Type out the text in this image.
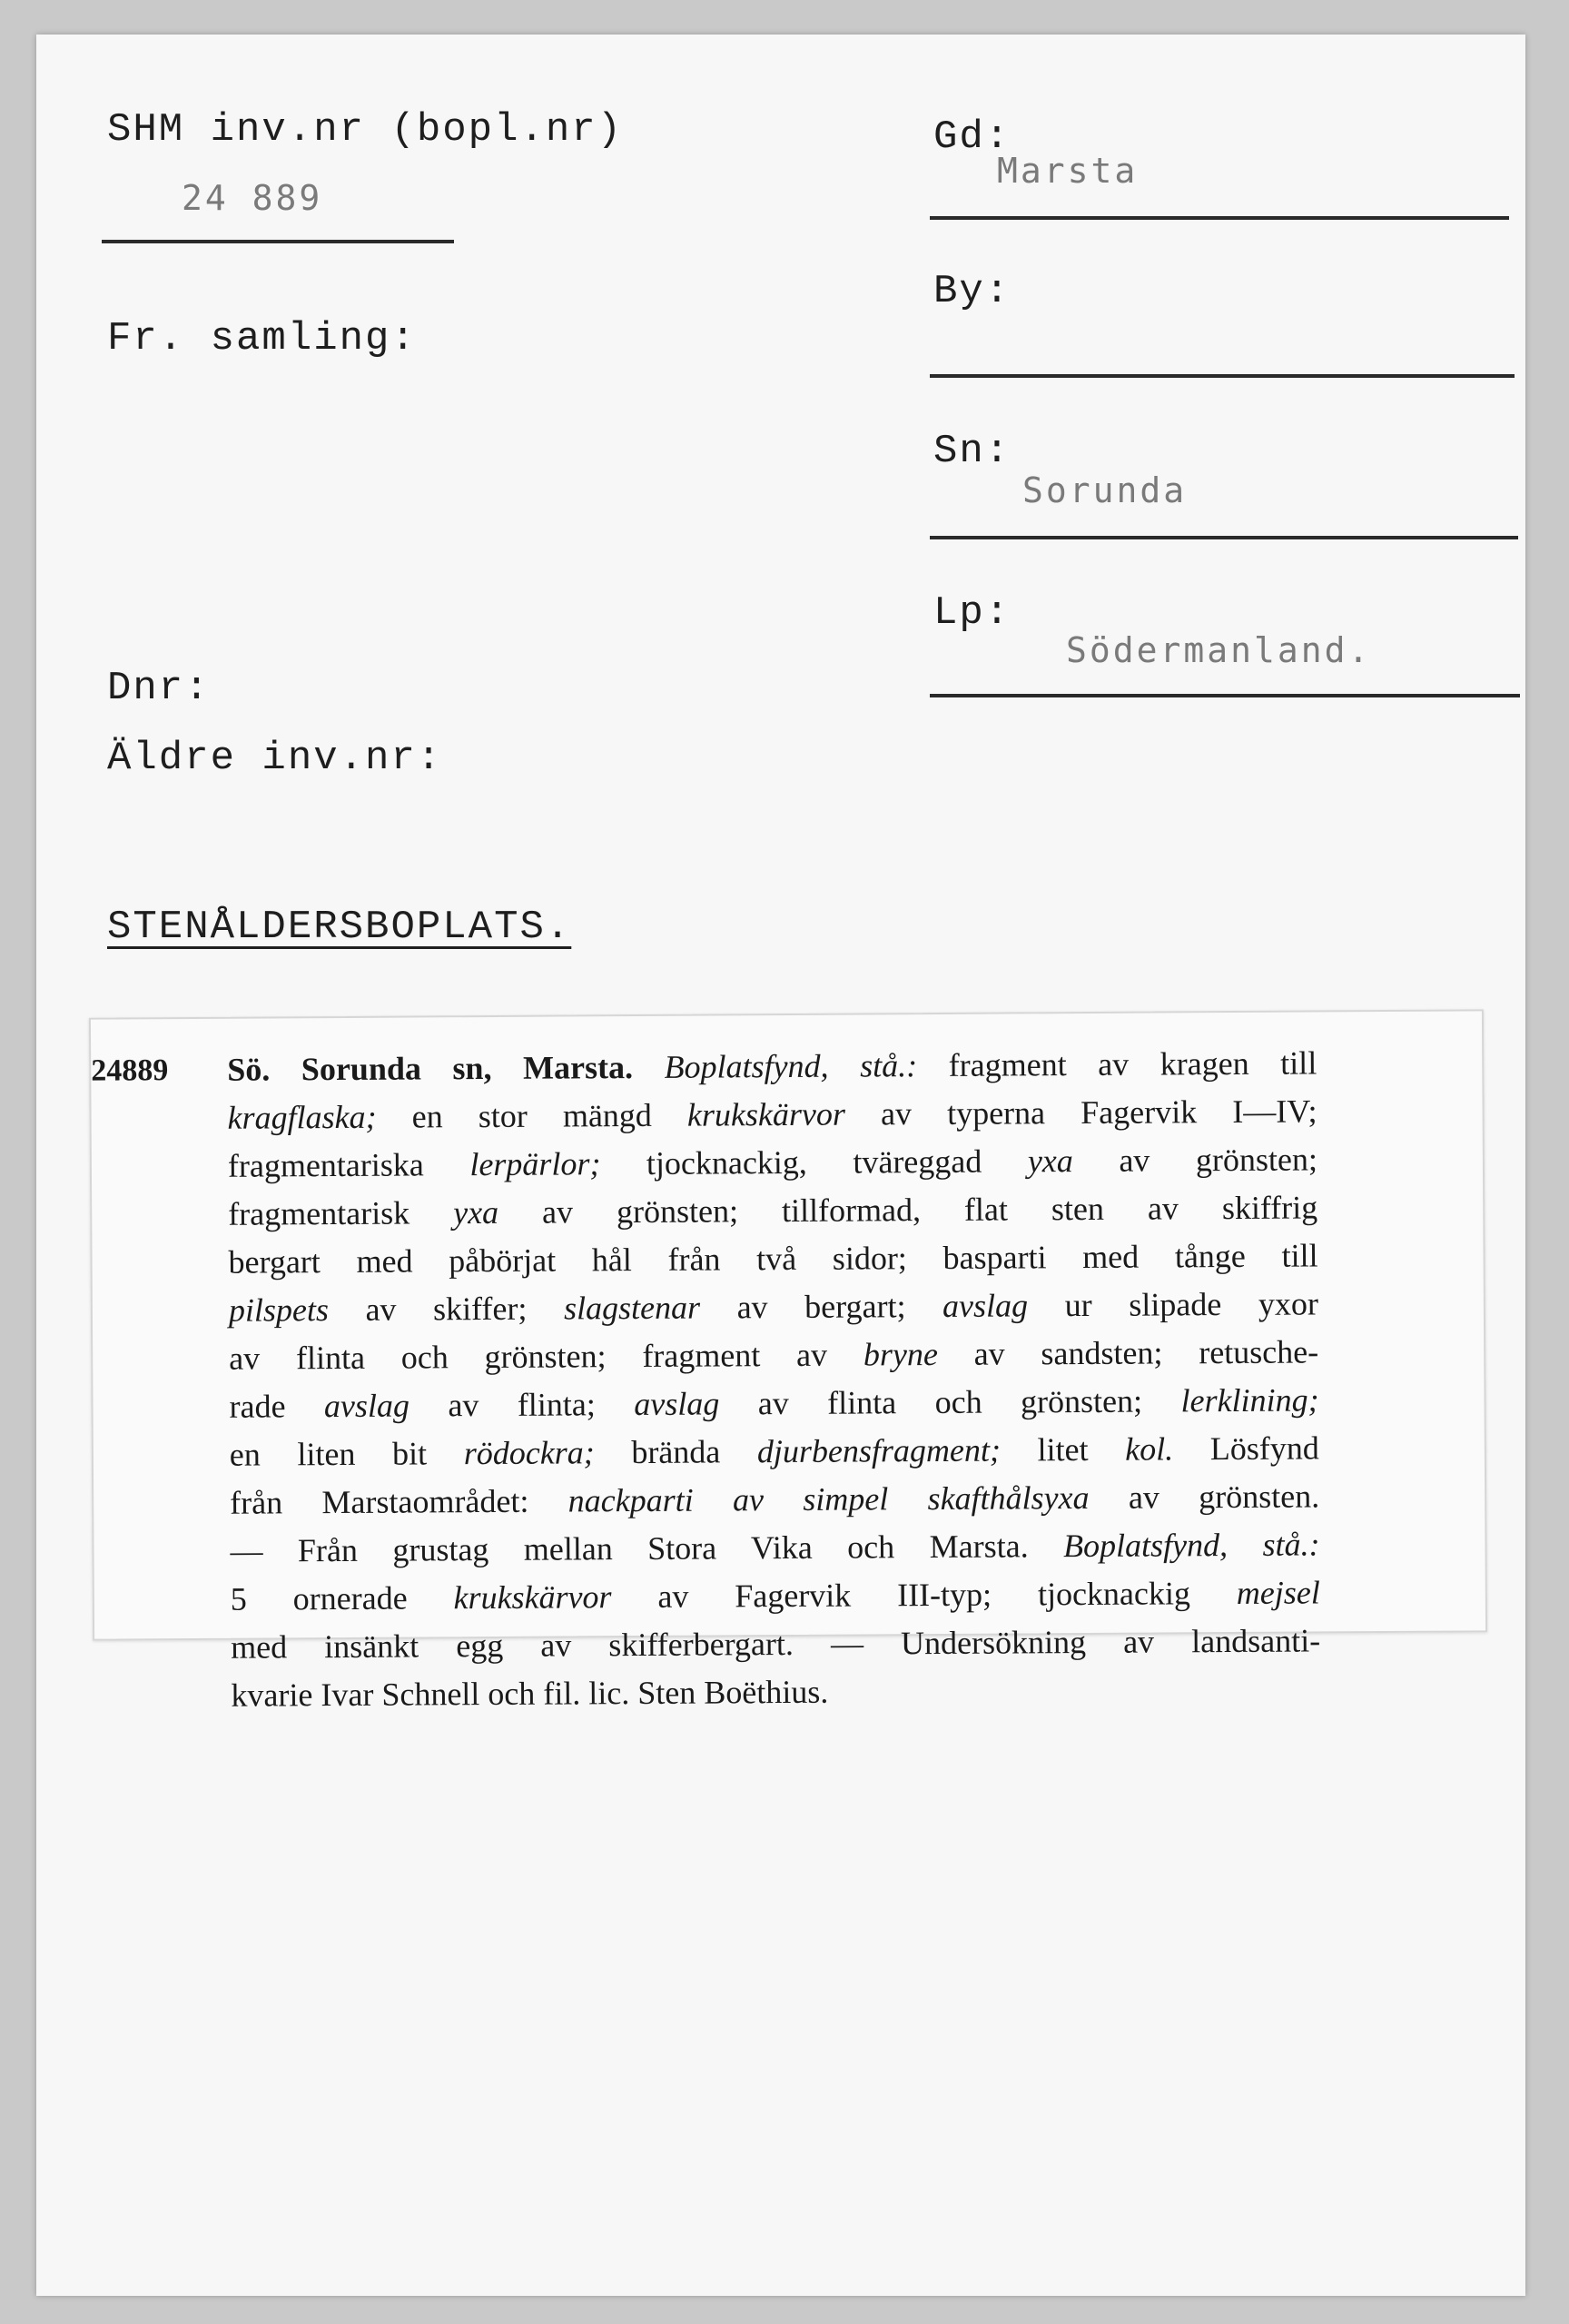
SHM inv.nr (bopl.nr)
24 889
Fr. samling:
Dnr:
Äldre inv.nr:
Gd:
Marsta
By:
Sn:
Sorunda
Lp:
Södermanland.
STENÅLDERSBOPLATS.
24889 Sö. Sorunda sn, Marsta. Boplatsfynd, stå.: fragment av kragen till
kragflaska; en stor mängd krukskärvor av typerna Fagervik I—IV;
fragmentariska lerpärlor; tjocknackig, tväreggad yxa av grönsten;
fragmentarisk yxa av grönsten; tillformad, flat sten av skiffrig
bergart med påbörjat hål från två sidor; basparti med tånge till
pilspets av skiffer; slagstenar av bergart; avslag ur slipade yxor
av flinta och grönsten; fragment av bryne av sandsten; retusche-
rade avslag av flinta; avslag av flinta och grönsten; lerklining;
en liten bit rödockra; brända djurbensfragment; litet kol. Lösfynd
från Marstaområdet: nackparti av simpel skafthålsyxa av grönsten.
— Från grustag mellan Stora Vika och Marsta. Boplatsfynd, stå.:
5 ornerade krukskärvor av Fagervik III-typ; tjocknackig mejsel
med insänkt egg av skifferbergart. — Undersökning av landsanti-
kvarie Ivar Schnell och fil. lic. Sten Boëthius.
